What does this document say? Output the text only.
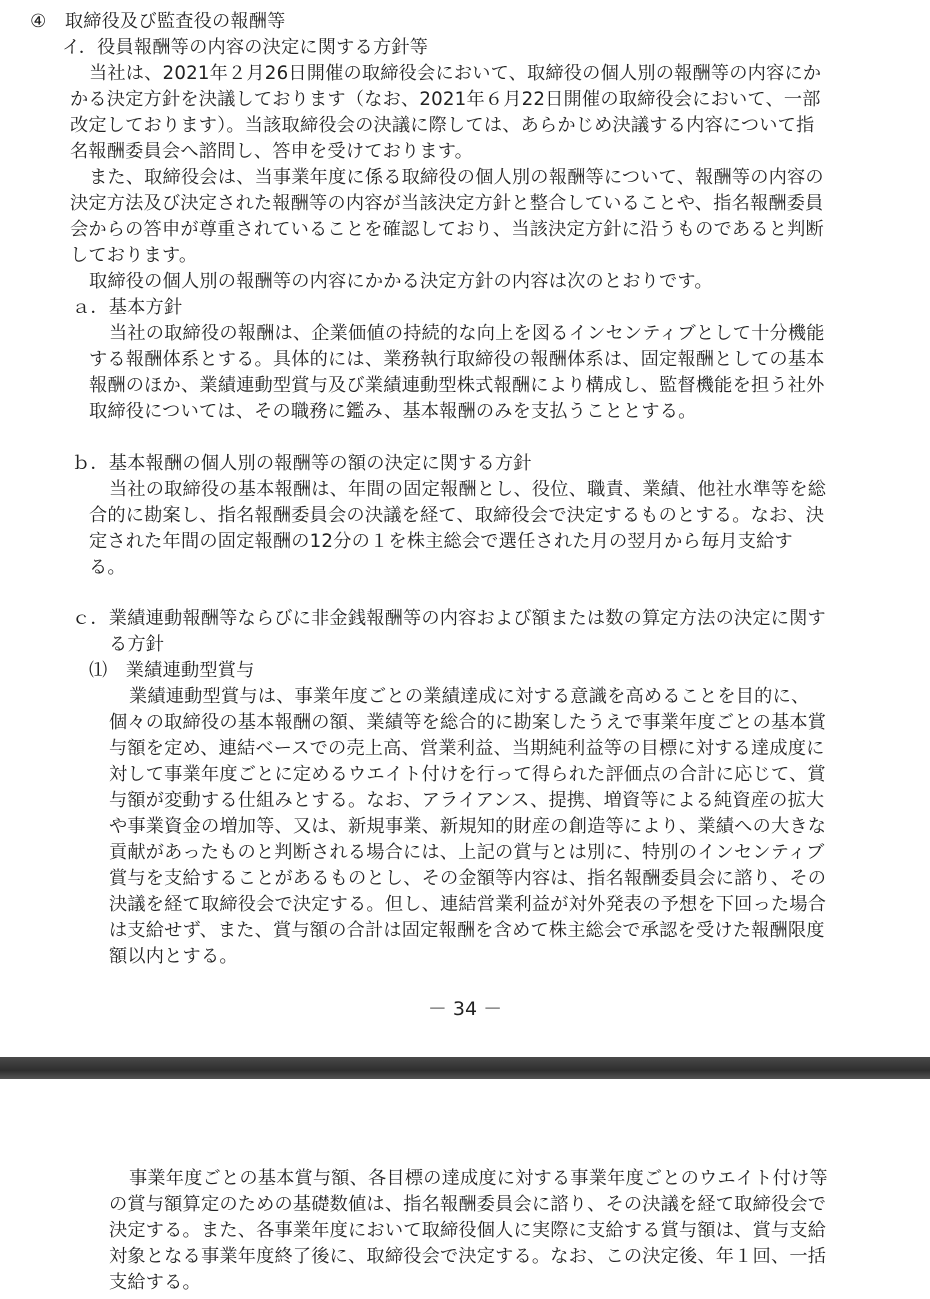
④　取締役及び監査役の報酬等
イ．役員報酬等の内容の決定に関する方針等
当社は、2021年２月26日開催の取締役会において、取締役の個人別の報酬等の内容にか
かる決定方針を決議しております（なお、2021年６月22日開催の取締役会において、一部
改定しております）。当該取締役会の決議に際しては、あらかじめ決議する内容について指
名報酬委員会へ諮問し、答申を受けております。
また、取締役会は、当事業年度に係る取締役の個人別の報酬等について、報酬等の内容の
決定方法及び決定された報酬等の内容が当該決定方針と整合していることや、指名報酬委員
会からの答申が尊重されていることを確認しており、当該決定方針に沿うものであると判断
しております。
取締役の個人別の報酬等の内容にかかる決定方針の内容は次のとおりです。
ａ．基本方針
当社の取締役の報酬は、企業価値の持続的な向上を図るインセンティブとして十分機能
する報酬体系とする。具体的には、業務執行取締役の報酬体系は、固定報酬としての基本
報酬のほか、業績連動型賞与及び業績連動型株式報酬により構成し、監督機能を担う社外
取締役については、その職務に鑑み、基本報酬のみを支払うこととする。
ｂ．基本報酬の個人別の報酬等の額の決定に関する方針
当社の取締役の基本報酬は、年間の固定報酬とし、役位、職責、業績、他社水準等を総
合的に勘案し、指名報酬委員会の決議を経て、取締役会で決定するものとする。なお、決
定された年間の固定報酬の12分の１を株主総会で選任された月の翌月から毎月支給す
る。
ｃ．業績連動報酬等ならびに非金銭報酬等の内容および額または数の算定方法の決定に関す
る方針
⑴　業績連動型賞与
業績連動型賞与は、事業年度ごとの業績達成に対する意識を高めることを目的に、
個々の取締役の基本報酬の額、業績等を総合的に勘案したうえで事業年度ごとの基本賞
与額を定め、連結ベースでの売上高、営業利益、当期純利益等の目標に対する達成度に
対して事業年度ごとに定めるウエイト付けを行って得られた評価点の合計に応じて、賞
与額が変動する仕組みとする。なお、アライアンス、提携、増資等による純資産の拡大
や事業資金の増加等、又は、新規事業、新規知的財産の創造等により、業績への大きな
貢献があったものと判断される場合には、上記の賞与とは別に、特別のインセンティブ
賞与を支給することがあるものとし、その金額等内容は、指名報酬委員会に諮り、その
決議を経て取締役会で決定する。但し、連結営業利益が対外発表の予想を下回った場合
は支給せず、また、賞与額の合計は固定報酬を含めて株主総会で承認を受けた報酬限度
額以内とする。
－ 34 －
事業年度ごとの基本賞与額、各目標の達成度に対する事業年度ごとのウエイト付け等
の賞与額算定のための基礎数値は、指名報酬委員会に諮り、その決議を経て取締役会で
決定する。また、各事業年度において取締役個人に実際に支給する賞与額は、賞与支給
対象となる事業年度終了後に、取締役会で決定する。なお、この決定後、年１回、一括
支給する。
